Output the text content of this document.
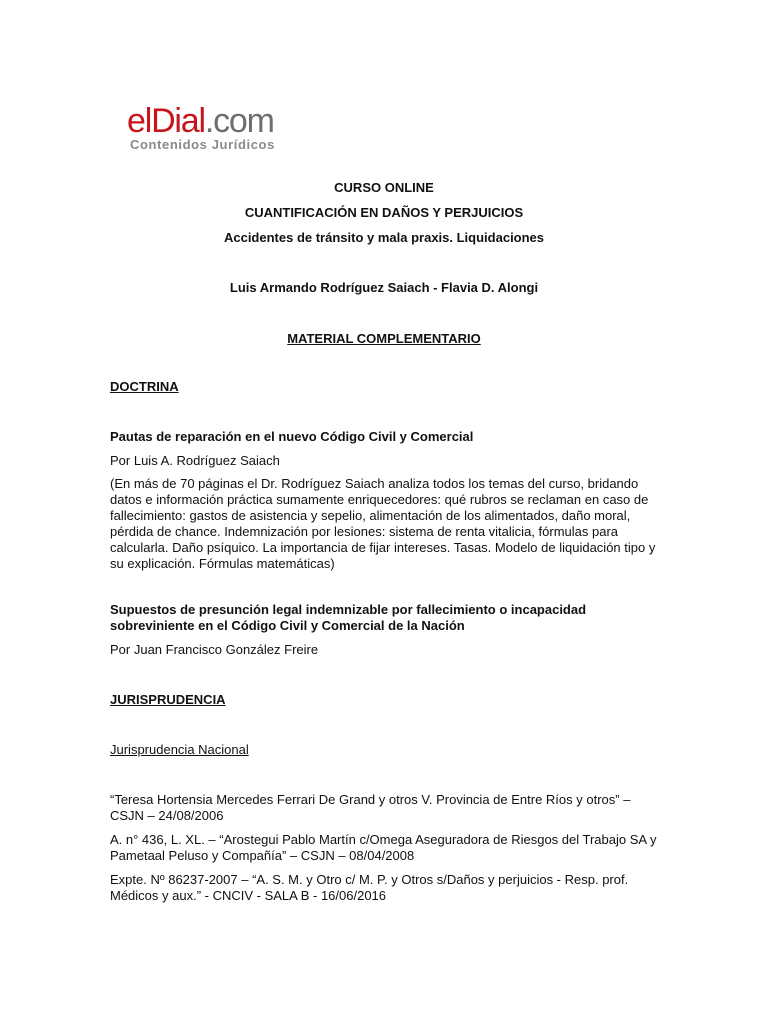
elDial.com
Contenidos Jurídicos
CURSO ONLINE
CUANTIFICACIÓN EN DAÑOS Y PERJUICIOS
Accidentes de tránsito y mala praxis. Liquidaciones
Luis Armando Rodríguez Saiach - Flavia D. Alongi
MATERIAL COMPLEMENTARIO

DOCTRINA

Pautas de reparación en el nuevo Código Civil y Comercial

Por Luis A. Rodríguez Saiach

(En más de 70 páginas el Dr. Rodríguez Saiach analiza todos los temas del curso, bridando datos e información práctica sumamente enriquecedores: qué rubros se reclaman en caso de fallecimiento: gastos de asistencia y sepelio, alimentación de los alimentados, daño moral, pérdida de chance. Indemnización por lesiones: sistema de renta vitalicia, fórmulas para calcularla. Daño psíquico. La importancia de fijar intereses. Tasas. Modelo de liquidación tipo y su explicación. Fórmulas matemáticas)

Supuestos de presunción legal indemnizable por fallecimiento o incapacidad sobreviniente en el Código Civil y Comercial de la Nación

Por Juan Francisco González Freire

JURISPRUDENCIA

Jurisprudencia Nacional

“Teresa Hortensia Mercedes Ferrari De Grand y otros V. Provincia de Entre Ríos y otros” – CSJN – 24/08/2006

A. n° 436, L. XL. – “Arostegui Pablo Martín c/Omega Aseguradora de Riesgos del Trabajo SA y Pametaal Peluso y Compañía” – CSJN – 08/04/2008

Expte. Nº 86237-2007 – “A. S. M. y Otro c/ M. P. y Otros s/Daños y perjuicios - Resp. prof. Médicos y aux.” - CNCIV - SALA B - 16/06/2016
